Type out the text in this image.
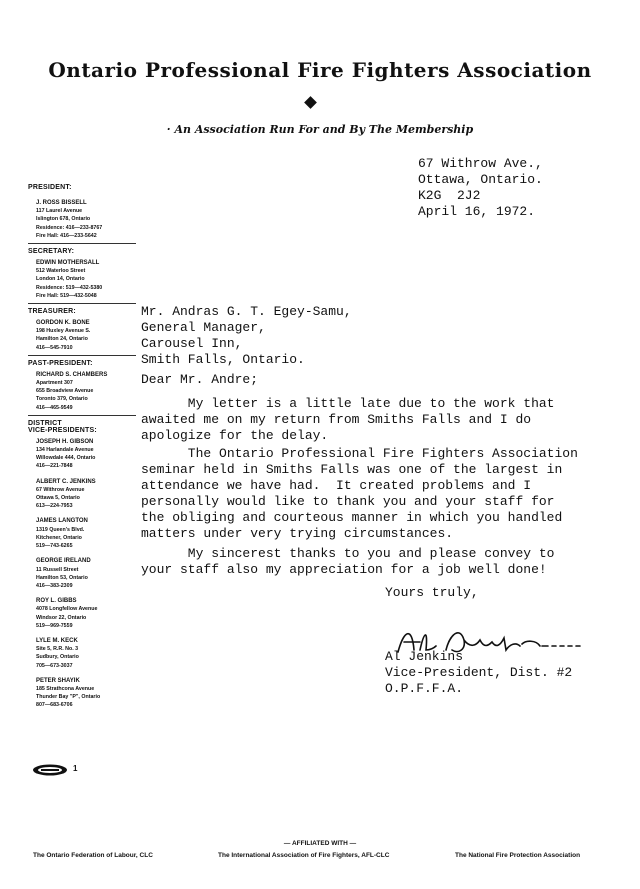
Ontario Professional Fire Fighters Association
· An Association Run For and By The Membership
67 Withrow Ave.,
Ottawa, Ontario.
K2G  2J2
April 16, 1972.
PRESIDENT:
J. ROSS BISSELL
117 Laurel Avenue
Islington 678, Ontario
Residence: 416—233-8767
Fire Hall: 416—233-5642
SECRETARY:
EDWIN MOTHERSALL
512 Waterloo Street
London 14, Ontario
Residence: 519—432-5380
Fire Hall: 519—432-5048
TREASURER:
GORDON K. BONE
198 Huxley Avenue S.
Hamilton 24, Ontario
416—545-7910
PAST-PRESIDENT:
RICHARD S. CHAMBERS
Apartment 307
655 Broadview Avenue
Toronto 379, Ontario
416—465-9549
DISTRICT
VICE-PRESIDENTS:
JOSEPH H. GIBSON
134 Harlandale Avenue
Willowdale 444, Ontario
416—221-7848
ALBERT C. JENKINS
67 Withrow Avenue
Ottawa 5, Ontario
613—224-7953
JAMES LANGTON
1319 Queen's Blvd.
Kitchener, Ontario
519—743-6265
GEORGE IRELAND
11 Russell Street
Hamilton 53, Ontario
416—383-2309
ROY L. GIBBS
4078 Longfellow Avenue
Windsor 22, Ontario
519—969-7559
LYLE M. KECK
Site 5, R.R. No. 3
Sudbury, Ontario
705—673-3037
PETER SHAYIK
185 Strathcona Avenue
Thunder Bay "P", Ontario
807—683-6706
1
Mr. Andras G. T. Egey-Samu,
General Manager,
Carousel Inn,
Smith Falls, Ontario.
Dear Mr. Andre;
My letter is a little late due to the work that
awaited me on my return from Smiths Falls and I do
apologize for the delay.
The Ontario Professional Fire Fighters Association
seminar held in Smiths Falls was one of the largest in
attendance we have had.  It created problems and I
personally would like to thank you and your staff for
the obliging and courteous manner in which you handled
matters under very trying circumstances.
My sincerest thanks to you and please convey to
your staff also my appreciation for a job well done!
Yours truly,
Al Jenkins
Vice-President, Dist. #2
O.P.F.F.A.
— AFFILIATED WITH —
The Ontario Federation of Labour, CLC	The International Association of Fire Fighters, AFL-CLC	The National Fire Protection Association
